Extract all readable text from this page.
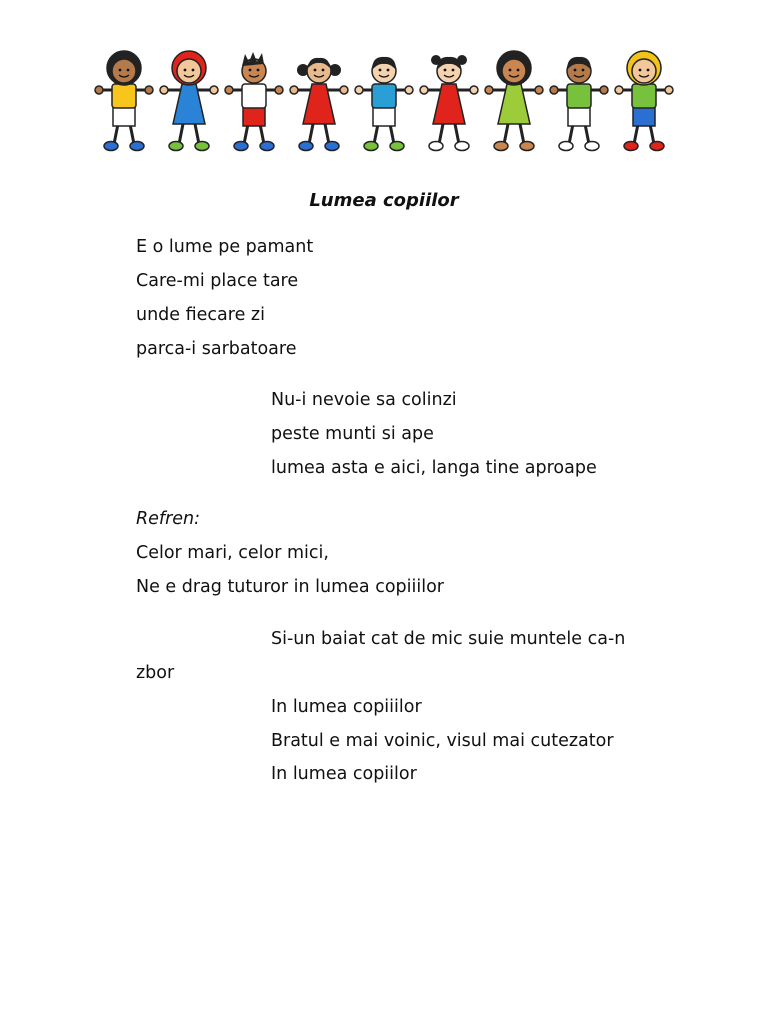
Lumea copiilor
E o lume pe pamant
Care-mi place tare
unde fiecare zi
parca-i sarbatoare
Nu-i nevoie sa colinzi
peste munti si ape
lumea asta e aici, langa tine aproape
Refren:
Celor mari, celor mici,
Ne e drag tuturor in lumea copiiilor
Si-un baiat cat de mic suie muntele ca-n
zbor
In lumea copiiilor
Bratul e mai voinic, visul mai cutezator
In lumea copiilor
